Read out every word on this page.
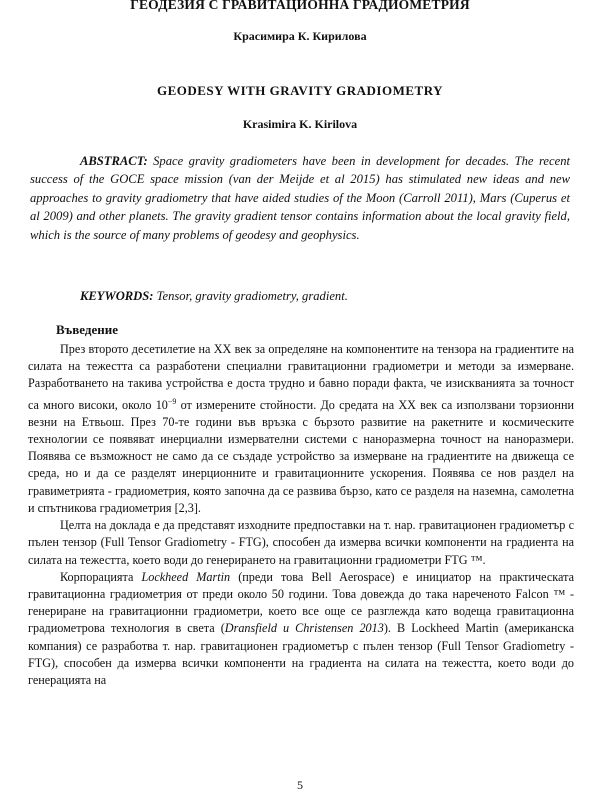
ГЕОДЕЗИЯ С ГРАВИТАЦИОННА ГРАДИОМЕТРИЯ
Красимира К. Кирилова
GEODESY WITH GRAVITY GRADIOMETRY
Krasimira K. Kirilova
ABSTRACT: Space gravity gradiometers have been in development for decades. The recent success of the GOCE space mission (van der Meijde et al 2015) has stimulated new ideas and new approaches to gravity gradiometry that have aided studies of the Moon (Carroll 2011), Mars (Cuperus et al 2009) and other planets. The gravity gradient tensor contains information about the local gravity field, which is the source of many problems of geodesy and geophysics.
KEYWORDS: Tensor, gravity gradiometry, gradient.
Въведение

През второто десетилетие на XX век за определяне на компонентите на тензора на градиентите на силата на тежестта са разработени специални гравитационни градиометри и методи за измерване. Разработването на такива устройства е доста трудно и бавно поради факта, че изискванията за точност са много високи, около $10^{-9}$ от измерените стойности. До средата на XX век са използвани торзионни везни на Етвьош. През 70-те години във връзка с бързото развитие на ракетните и космическите технологии се появяват инерциални измервателни системи с наноразмерна точност на наноразмери. Появява се възможност не само да се създаде устройство за измерване на градиентите на движеща се среда, но и да се разделят инерционните и гравитационните ускорения. Появява се нов раздел на гравиметрията - градиометрия, която започна да се развива бързо, като се разделя на наземна, самолетна и спътникова градиометрия [2,3].

Целта на доклада е да представят изходните предпоставки на т. нар. гравитационен градиометър с пълен тензор (Full Tensor Gradiometry - FTG), способен да измерва всички компоненти на градиента на силата на тежестта, което води до генерирането на гравитационни градиометри FTG ™.

Корпорацията Lockheed Martin (преди това Bell Aerospace) е инициатор на практическата гравитационна градиометрия от преди около 50 години. Това довежда до така нареченото Falcon ™ - генериране на гравитационни градиометри, което все още се разглежда като водеща гравитационна градиометрова технология в света (Dransfield и Christensen 2013). В Lockheed Martin (американска компания) се разработва т. нар. гравитационен градиометър с пълен тензор (Full Tensor Gradiometry - FTG), способен да измерва всички компоненти на градиента на силата на тежестта, което води до генерацията на

5
